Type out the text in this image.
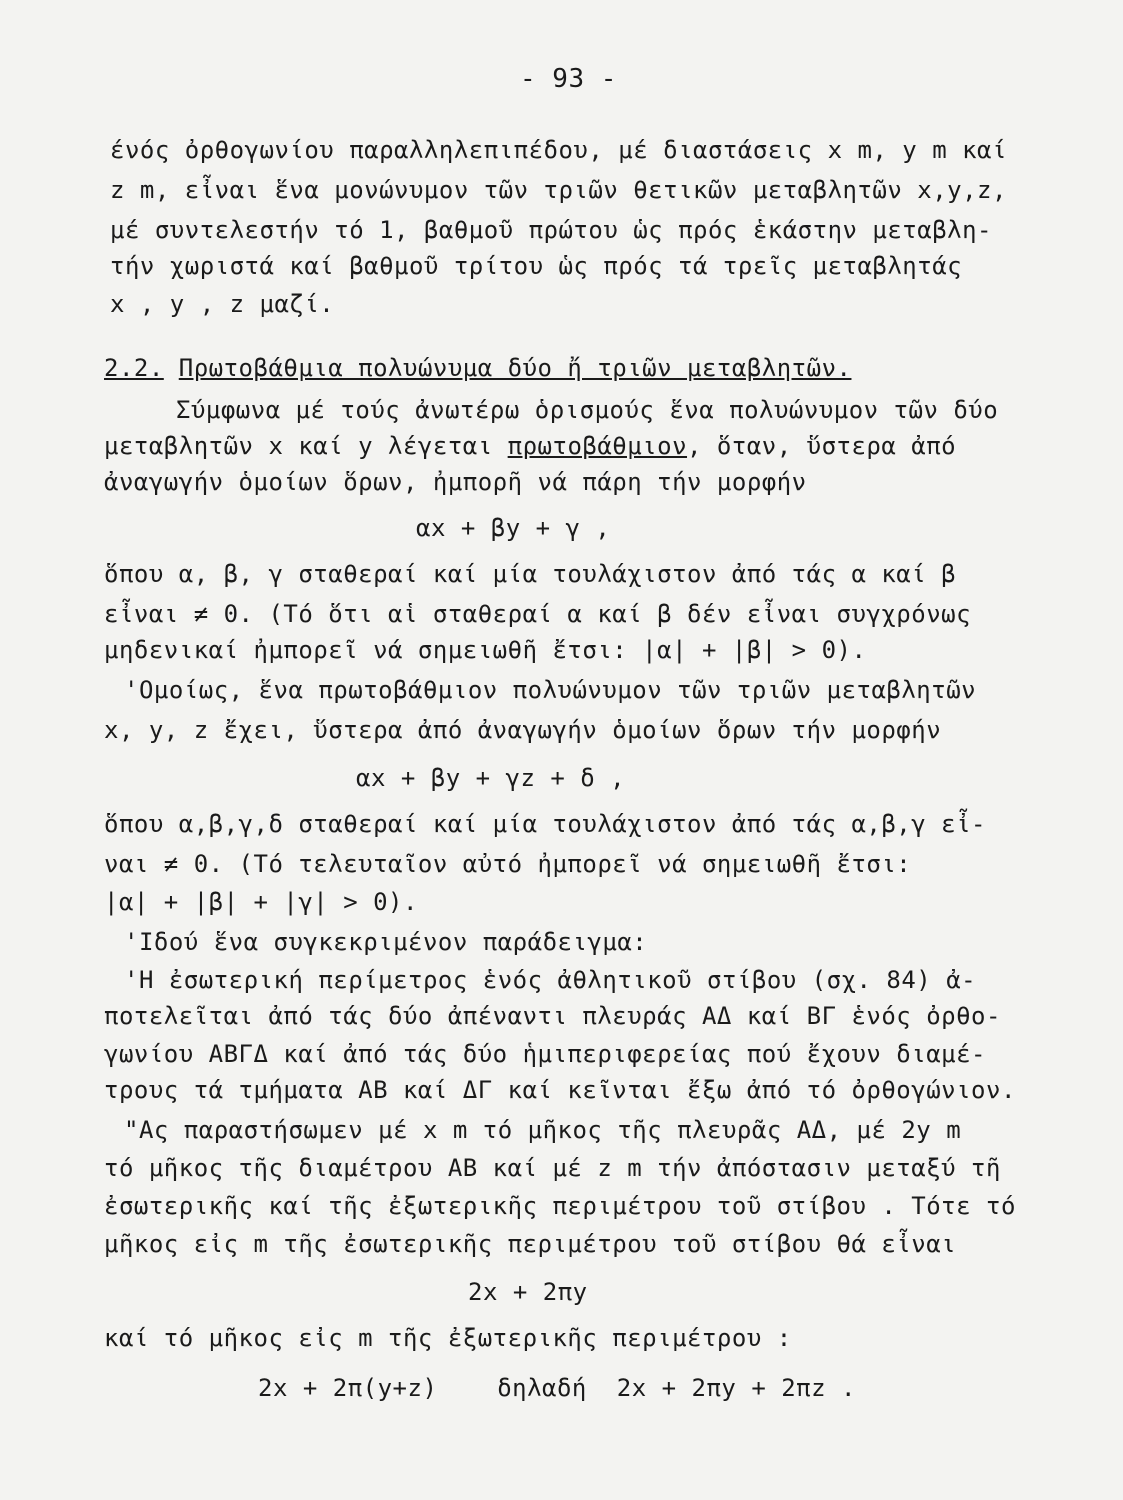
- 93 -
ένός ὀρθογωνίου παραλληλεπιπέδου, μέ διαστάσεις x m, y m καί
z m, εἶναι ἕνα μονώνυμον τῶν τριῶν θετικῶν μεταβλητῶν x,y,z,
μέ συντελεστήν τό 1, βαθμοῦ πρώτου ὡς πρός ἑκάστην μεταβλη-
τήν χωριστά καί βαθμοῦ τρίτου ὡς πρός τά τρεῖς μεταβλητάς
x , y , z μαζί.
2.2. Πρωτοβάθμια πολυώνυμα δύο ἤ τριῶν μεταβλητῶν.
Σύμφωνα μέ τούς ἀνωτέρω ὁρισμούς ἕνα πολυώνυμον τῶν δύο
μεταβλητῶν x καί y λέγεται πρωτοβάθμιον, ὅταν, ὕστερα ἀπό
ἀναγωγήν ὁμοίων ὅρων, ἠμπορῆ νά πάρη τήν μορφήν
αx + βy + γ ,
ὅπου α, β, γ σταθεραί καί μία τουλάχιστον ἀπό τάς α καί β
εἶναι ≠ 0. (Τό ὅτι αἱ σταθεραί α καί β δέν εἶναι συγχρόνως
μηδενικαί ἠμπορεῖ νά σημειωθῆ ἔτσι: |α| + |β| > 0).
'Ομοίως, ἕνα πρωτοβάθμιον πολυώνυμον τῶν τριῶν μεταβλητῶν
x, y, z ἔχει, ὕστερα ἀπό ἀναγωγήν ὁμοίων ὅρων τήν μορφήν
αx + βy + γz + δ ,
ὅπου α,β,γ,δ σταθεραί καί μία τουλάχιστον ἀπό τάς α,β,γ εἶ-
ναι ≠ 0. (Τό τελευταῖον αὐτό ἠμπορεῖ νά σημειωθῆ ἔτσι:
|α| + |β| + |γ| > 0).
'Ιδού ἕνα συγκεκριμένον παράδειγμα:
'Η ἐσωτερική περίμετρος ἑνός ἀθλητικοῦ στίβου (σχ. 84) ἀ-
ποτελεῖται ἀπό τάς δύο ἀπέναντι πλευράς ΑΔ καί ΒΓ ἑνός ὀρθο-
γωνίου ΑΒΓΔ καί ἀπό τάς δύο ἡμιπεριφερείας πού ἔχουν διαμέ-
τρους τά τμήματα ΑΒ καί ΔΓ καί κεῖνται ἔξω ἀπό τό ὀρθογώνιον.
"Ας παραστήσωμεν μέ x m τό μῆκος τῆς πλευρᾶς ΑΔ, μέ 2y m
τό μῆκος τῆς διαμέτρου ΑΒ καί μέ z m τήν ἀπόστασιν μεταξύ τῆ
ἐσωτερικῆς καί τῆς ἐξωτερικῆς περιμέτρου τοῦ στίβου . Τότε τό
μῆκος εἰς m τῆς ἐσωτερικῆς περιμέτρου τοῦ στίβου θά εἶναι
2x + 2πy
καί τό μῆκος εἰς m τῆς ἐξωτερικῆς περιμέτρου :
2x + 2π(y+z)    δηλαδή  2x + 2πy + 2πz .
